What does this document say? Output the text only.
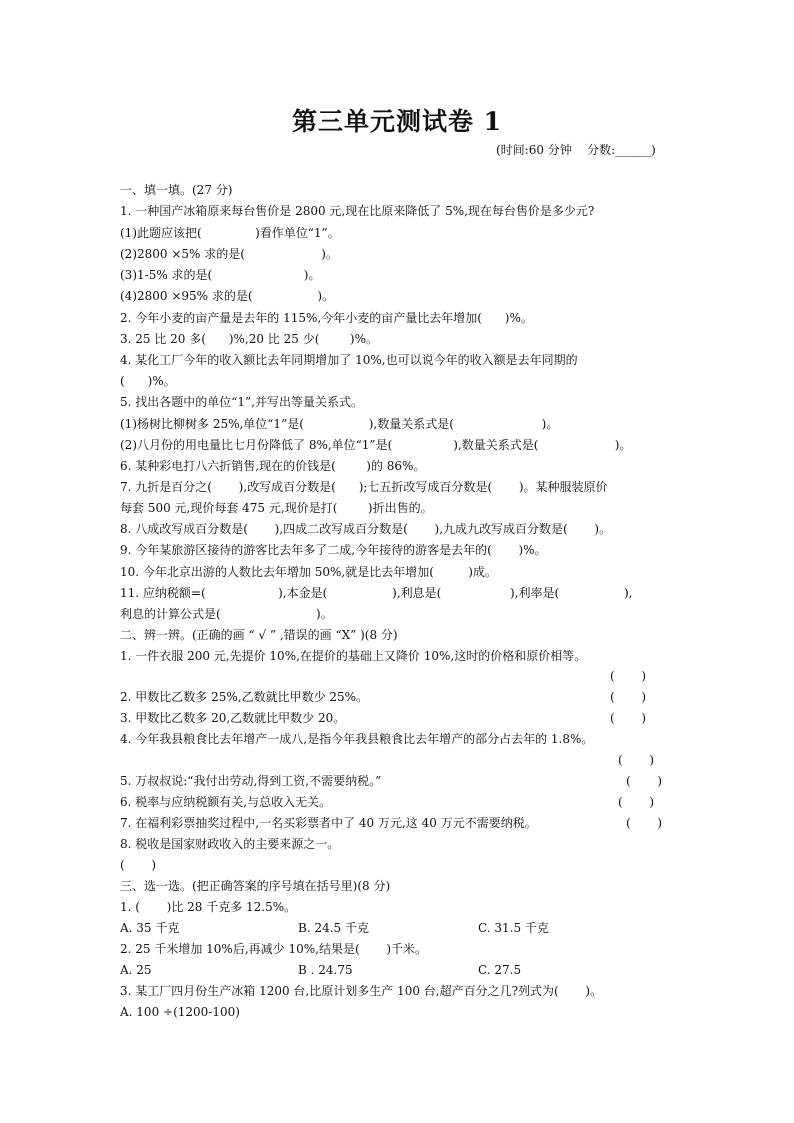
第三单元测试卷 1
(时间:60 分钟    分数:______)
一、填一填。(27 分)
1. 一种国产冰箱原来每台售价是 2800 元,现在比原来降低了 5%,现在每台售价是多少元?
(1)此题应该把(              )看作单位“1”。
(2)2800 ×5% 求的是(                    )。
(3)1-5% 求的是(                        )。
(4)2800 ×95% 求的是(                 )。
2. 今年小麦的亩产量是去年的 115%,今年小麦的亩产量比去年增加(      )%。
3. 25 比 20 多(      )%,20 比 25 少(        )%。
4. 某化工厂今年的收入额比去年同期增加了 10%,也可以说今年的收入额是去年同期的
(      )%。
5. 找出各题中的单位“1”,并写出等量关系式。
(1)杨树比柳树多 25%,单位“1”是(                 ),数量关系式是(                       )。
(2)八月份的用电量比七月份降低了 8%,单位“1”是(                ),数量关系式是(                    )。
6. 某种彩电打八六折销售,现在的价钱是(        )的 86%。
7. 九折是百分之(       ),改写成百分数是(      );七五折改写成百分数是(       )。某种服装原价
每套 500 元,现价每套 475 元,现价是打(        )折出售的。
8. 八成改写成百分数是(       ),四成二改写成百分数是(       ),九成九改写成百分数是(       )。
9. 今年某旅游区接待的游客比去年多了二成,今年接待的游客是去年的(       )%。
10. 今年北京出游的人数比去年增加 50%,就是比去年增加(         )成。
11. 应纳税额=(                   ),本金是(                 ),利息是(                  ),利率是(                 ),
利息的计算公式是(                         )。
二、辨一辨。(正确的画 “ √ ” ,错误的画 “X” )(8 分)
1. 一件衣服 200 元,先提价 10%,在提价的基础上又降价 10%,这时的价格和原价相等。
(       )
2. 甲数比乙数多 25%,乙数就比甲数少 25%。	(       )
3. 甲数比乙数多 20,乙数就比甲数少 20。	(       )
4. 今年我县粮食比去年增产一成八,是指今年我县粮食比去年增产的部分占去年的 1.8%。
(       )
5. 万叔叔说:“我付出劳动,得到工资,不需要纳税。”	(       )
6. 税率与应纳税额有关,与总收入无关。	(       )
7. 在福利彩票抽奖过程中,一名买彩票者中了 40 万元,这 40 万元不需要纳税。	(       )
8. 税收是国家财政收入的主要来源之一。
(       )
三、选一选。(把正确答案的序号填在括号里)(8 分)
1. (       )比 28 千克多 12.5%。
A. 35 千克	B. 24.5 千克	C. 31.5 千克
2. 25 千米增加 10%后,再减少 10%,结果是(       )千米。
A. 25	B . 24.75	C. 27.5
3. 某工厂四月份生产冰箱 1200 台,比原计划多生产 100 台,超产百分之几?列式为(       )。
A. 100 ÷(1200-100)
